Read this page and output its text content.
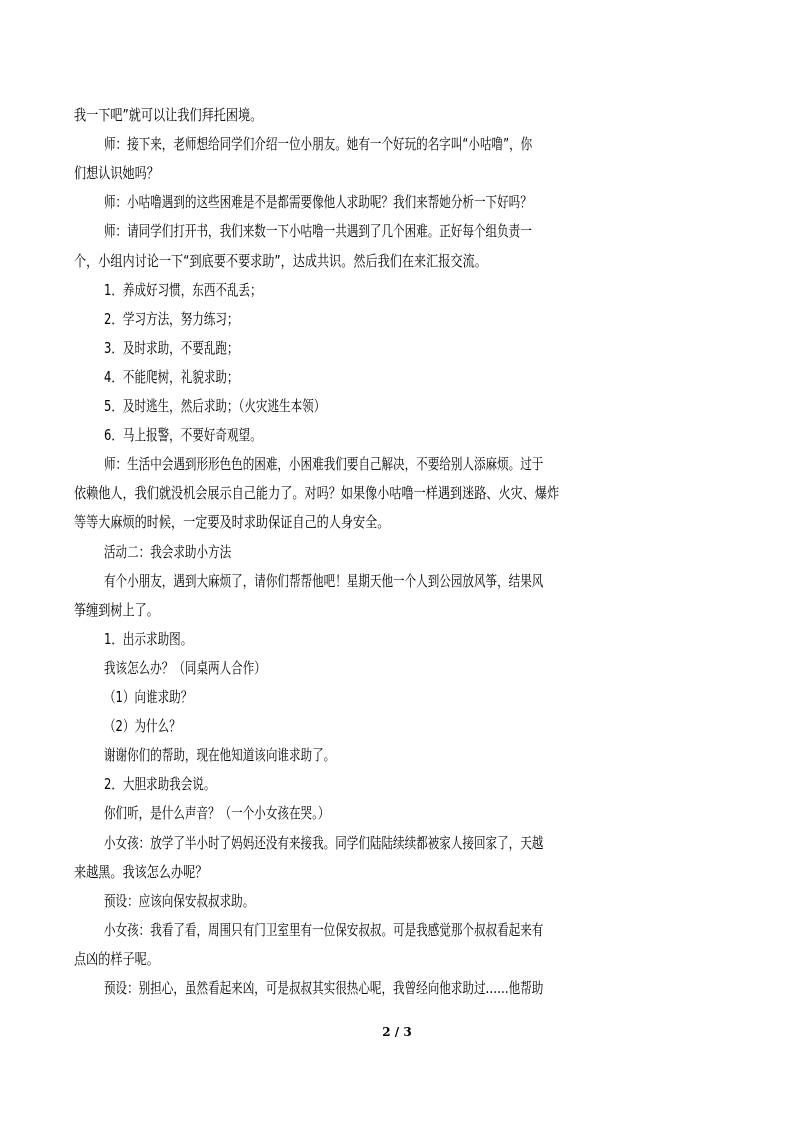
我一下吧”就可以让我们拜托困境。
师：接下来，老师想给同学们介绍一位小朋友。她有一个好玩的名字叫“小咕噜”，你
们想认识她吗？
师：小咕噜遇到的这些困难是不是都需要像他人求助呢？我们来帮她分析一下好吗？
师：请同学们打开书，我们来数一下小咕噜一共遇到了几个困难。正好每个组负责一
个，小组内讨论一下“到底要不要求助”，达成共识。然后我们在来汇报交流。
1．养成好习惯，东西不乱丢；
2．学习方法，努力练习；
3．及时求助，不要乱跑；
4．不能爬树，礼貌求助；
5．及时逃生，然后求助；（火灾逃生本领）
6．马上报警，不要好奇观望。
师：生活中会遇到形形色色的困难，小困难我们要自己解决，不要给别人添麻烦。过于
依赖他人，我们就没机会展示自己能力了。对吗？如果像小咕噜一样遇到迷路、火灾、爆炸
等等大麻烦的时候，一定要及时求助保证自己的人身安全。
活动二：我会求助小方法
有个小朋友，遇到大麻烦了，请你们帮帮他吧！星期天他一个人到公园放风筝，结果风
筝缠到树上了。
1．出示求助图。
我该怎么办？（同桌两人合作）
（1）向谁求助？
（2）为什么？
谢谢你们的帮助，现在他知道该向谁求助了。
2．大胆求助我会说。
你们听，是什么声音？（一个小女孩在哭。）
小女孩：放学了半小时了妈妈还没有来接我。同学们陆陆续续都被家人接回家了，天越
来越黑。我该怎么办呢？
预设：应该向保安叔叔求助。
小女孩：我看了看，周围只有门卫室里有一位保安叔叔。可是我感觉那个叔叔看起来有
点凶的样子呢。
预设：别担心，虽然看起来凶，可是叔叔其实很热心呢，我曾经向他求助过……他帮助
2 / 3
